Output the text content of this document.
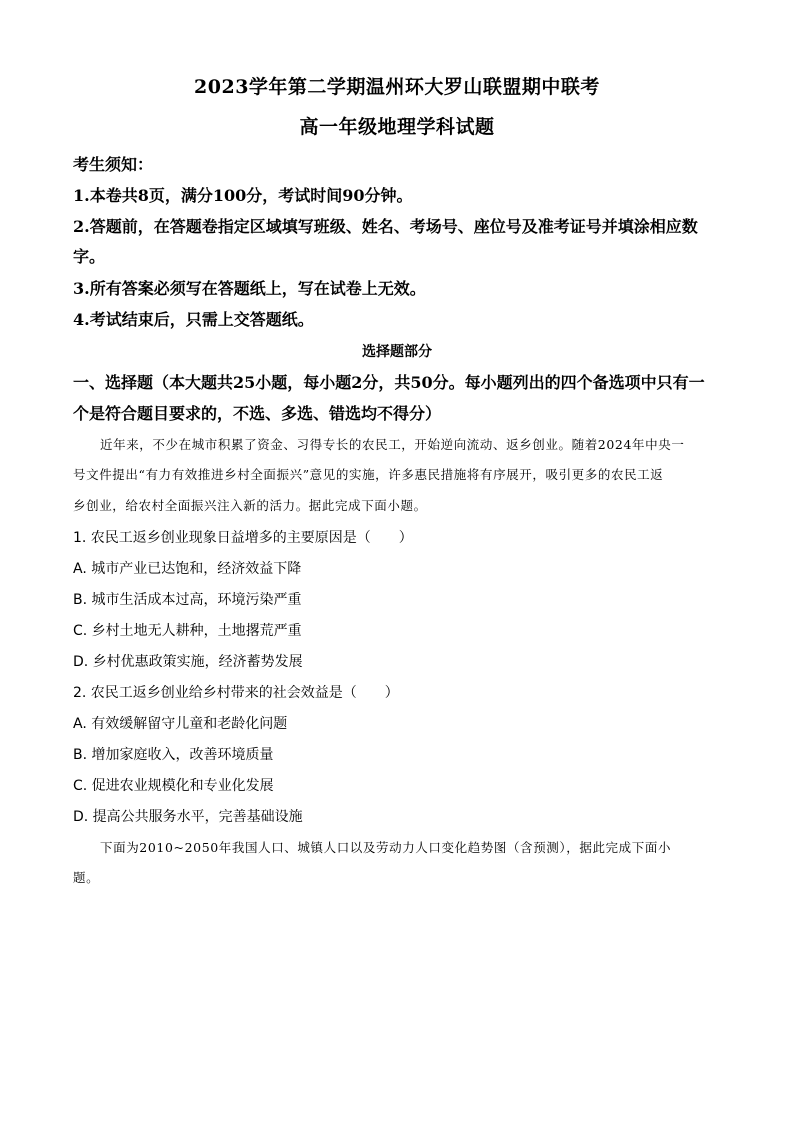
2023学年第二学期温州环大罗山联盟期中联考
高一年级地理学科试题
考生须知：
1.本卷共8页，满分100分，考试时间90分钟。
2.答题前，在答题卷指定区域填写班级、姓名、考场号、座位号及准考证号并填涂相应数
字。
3.所有答案必须写在答题纸上，写在试卷上无效。
4.考试结束后，只需上交答题纸。
选择题部分
一、选择题（本大题共25小题，每小题2分，共50分。每小题列出的四个备选项中只有一
个是符合题目要求的，不选、多选、错选均不得分）
近年来，不少在城市积累了资金、习得专长的农民工，开始逆向流动、返乡创业。随着2024年中央一
号文件提出“有力有效推进乡村全面振兴”意见的实施，许多惠民措施将有序展开，吸引更多的农民工返
乡创业，给农村全面振兴注入新的活力。据此完成下面小题。
1. 农民工返乡创业现象日益增多的主要原因是（　　）
A. 城市产业已达饱和，经济效益下降
B. 城市生活成本过高，环境污染严重
C. 乡村土地无人耕种，土地撂荒严重
D. 乡村优惠政策实施，经济蓄势发展
2. 农民工返乡创业给乡村带来的社会效益是（　　）
A. 有效缓解留守儿童和老龄化问题
B. 增加家庭收入，改善环境质量
C. 促进农业规模化和专业化发展
D. 提高公共服务水平，完善基础设施
下面为2010~2050年我国人口、城镇人口以及劳动力人口变化趋势图（含预测），据此完成下面小
题。
